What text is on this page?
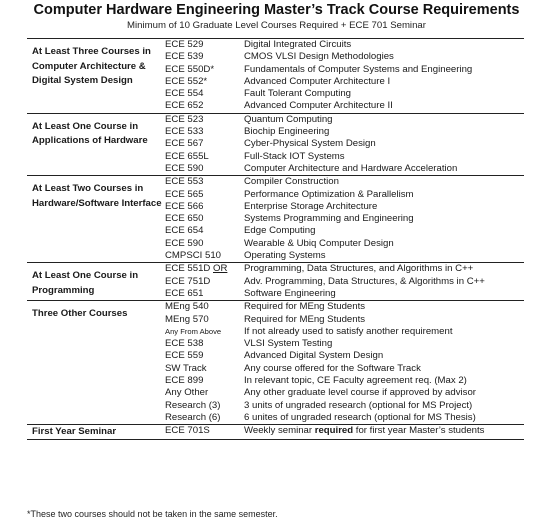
Computer Hardware Engineering Master’s Track Course Requirements
Minimum of 10 Graduate Level Courses Required + ECE 701 Seminar
At Least Three Courses in Computer Architecture & Digital System Design	ECE 529	Digital Integrated Circuits
	ECE 539	CMOS VLSI Design Methodologies
	ECE 550D*	Fundamentals of Computer Systems and Engineering
	ECE 552*	Advanced Computer Architecture I
	ECE 554	Fault Tolerant Computing
	ECE 652	Advanced Computer Architecture II
At Least One Course in Applications of Hardware	ECE 523	Quantum Computing
	ECE 533	Biochip Engineering
	ECE 567	Cyber-Physical System Design
	ECE 655L	Full-Stack IOT Systems
	ECE 590	Computer Architecture and Hardware Acceleration
At Least Two Courses in Hardware/Software Interface	ECE 553	Compiler Construction
	ECE 565	Performance Optimization & Parallelism
	ECE 566	Enterprise Storage Architecture
	ECE 650	Systems Programming and Engineering
	ECE 654	Edge Computing
	ECE 590	Wearable & Ubiq Computer Design
	CMPSCI 510	Operating Systems
At Least One Course in Programming	ECE 551D OR	Programming, Data Structures, and Algorithms in C++
	ECE 751D	Adv. Programming, Data Structures, & Algorithms in C++
	ECE 651	Software Engineering
Three Other Courses	MEng 540	Required for MEng Students
	MEng 570	Required for MEng Students
	Any From Above	If not already used to satisfy another requirement
	ECE 538	VLSI System Testing
	ECE 559	Advanced Digital System Design
	SW Track	Any course offered for the Software Track
	ECE 899	In relevant topic, CE Faculty agreement req. (Max 2)
	Any Other	Any other graduate level course if approved by advisor
	Research (3)	3 units of ungraded research (optional for MS Project)
	Research (6)	6 unites of ungraded research (optional for MS Thesis)
First Year Seminar	ECE 701S	Weekly seminar required for first year Master’s students
*These two courses should not be taken in the same semester.
